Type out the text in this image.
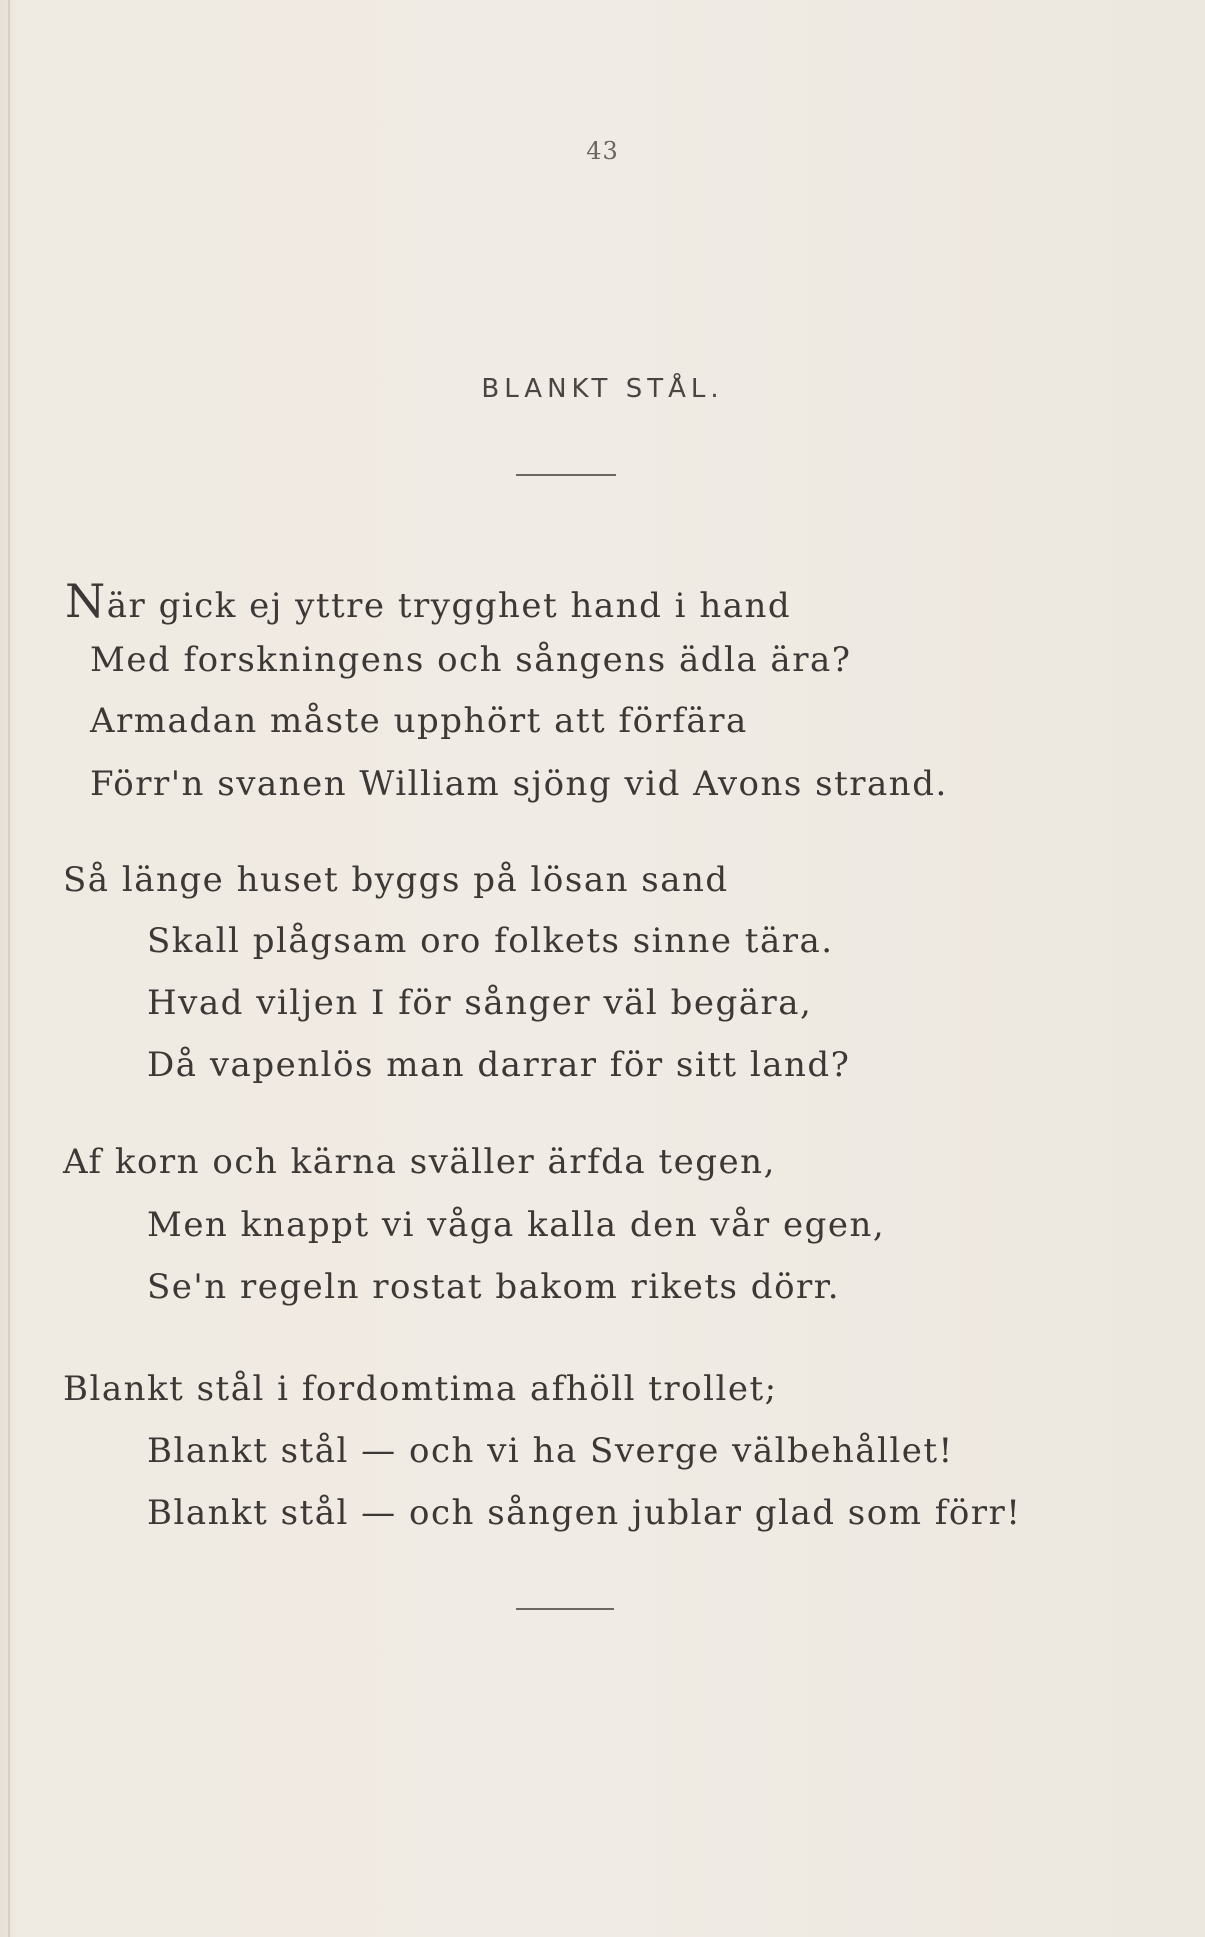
43
BLANKT STÅL.
När gick ej yttre trygghet hand i hand
Med forskningens och sångens ädla ära?
Armadan måste upphört att förfära
Förr'n svanen William sjöng vid Avons strand.
Så länge huset byggs på lösan sand
Skall plågsam oro folkets sinne tära.
Hvad viljen I för sånger väl begära,
Då vapenlös man darrar för sitt land?
Af korn och kärna sväller ärfda tegen,
Men knappt vi våga kalla den vår egen,
Se'n regeln rostat bakom rikets dörr.
Blankt stål i fordomtima afhöll trollet;
Blankt stål — och vi ha Sverge välbehållet!
Blankt stål — och sången jublar glad som förr!
